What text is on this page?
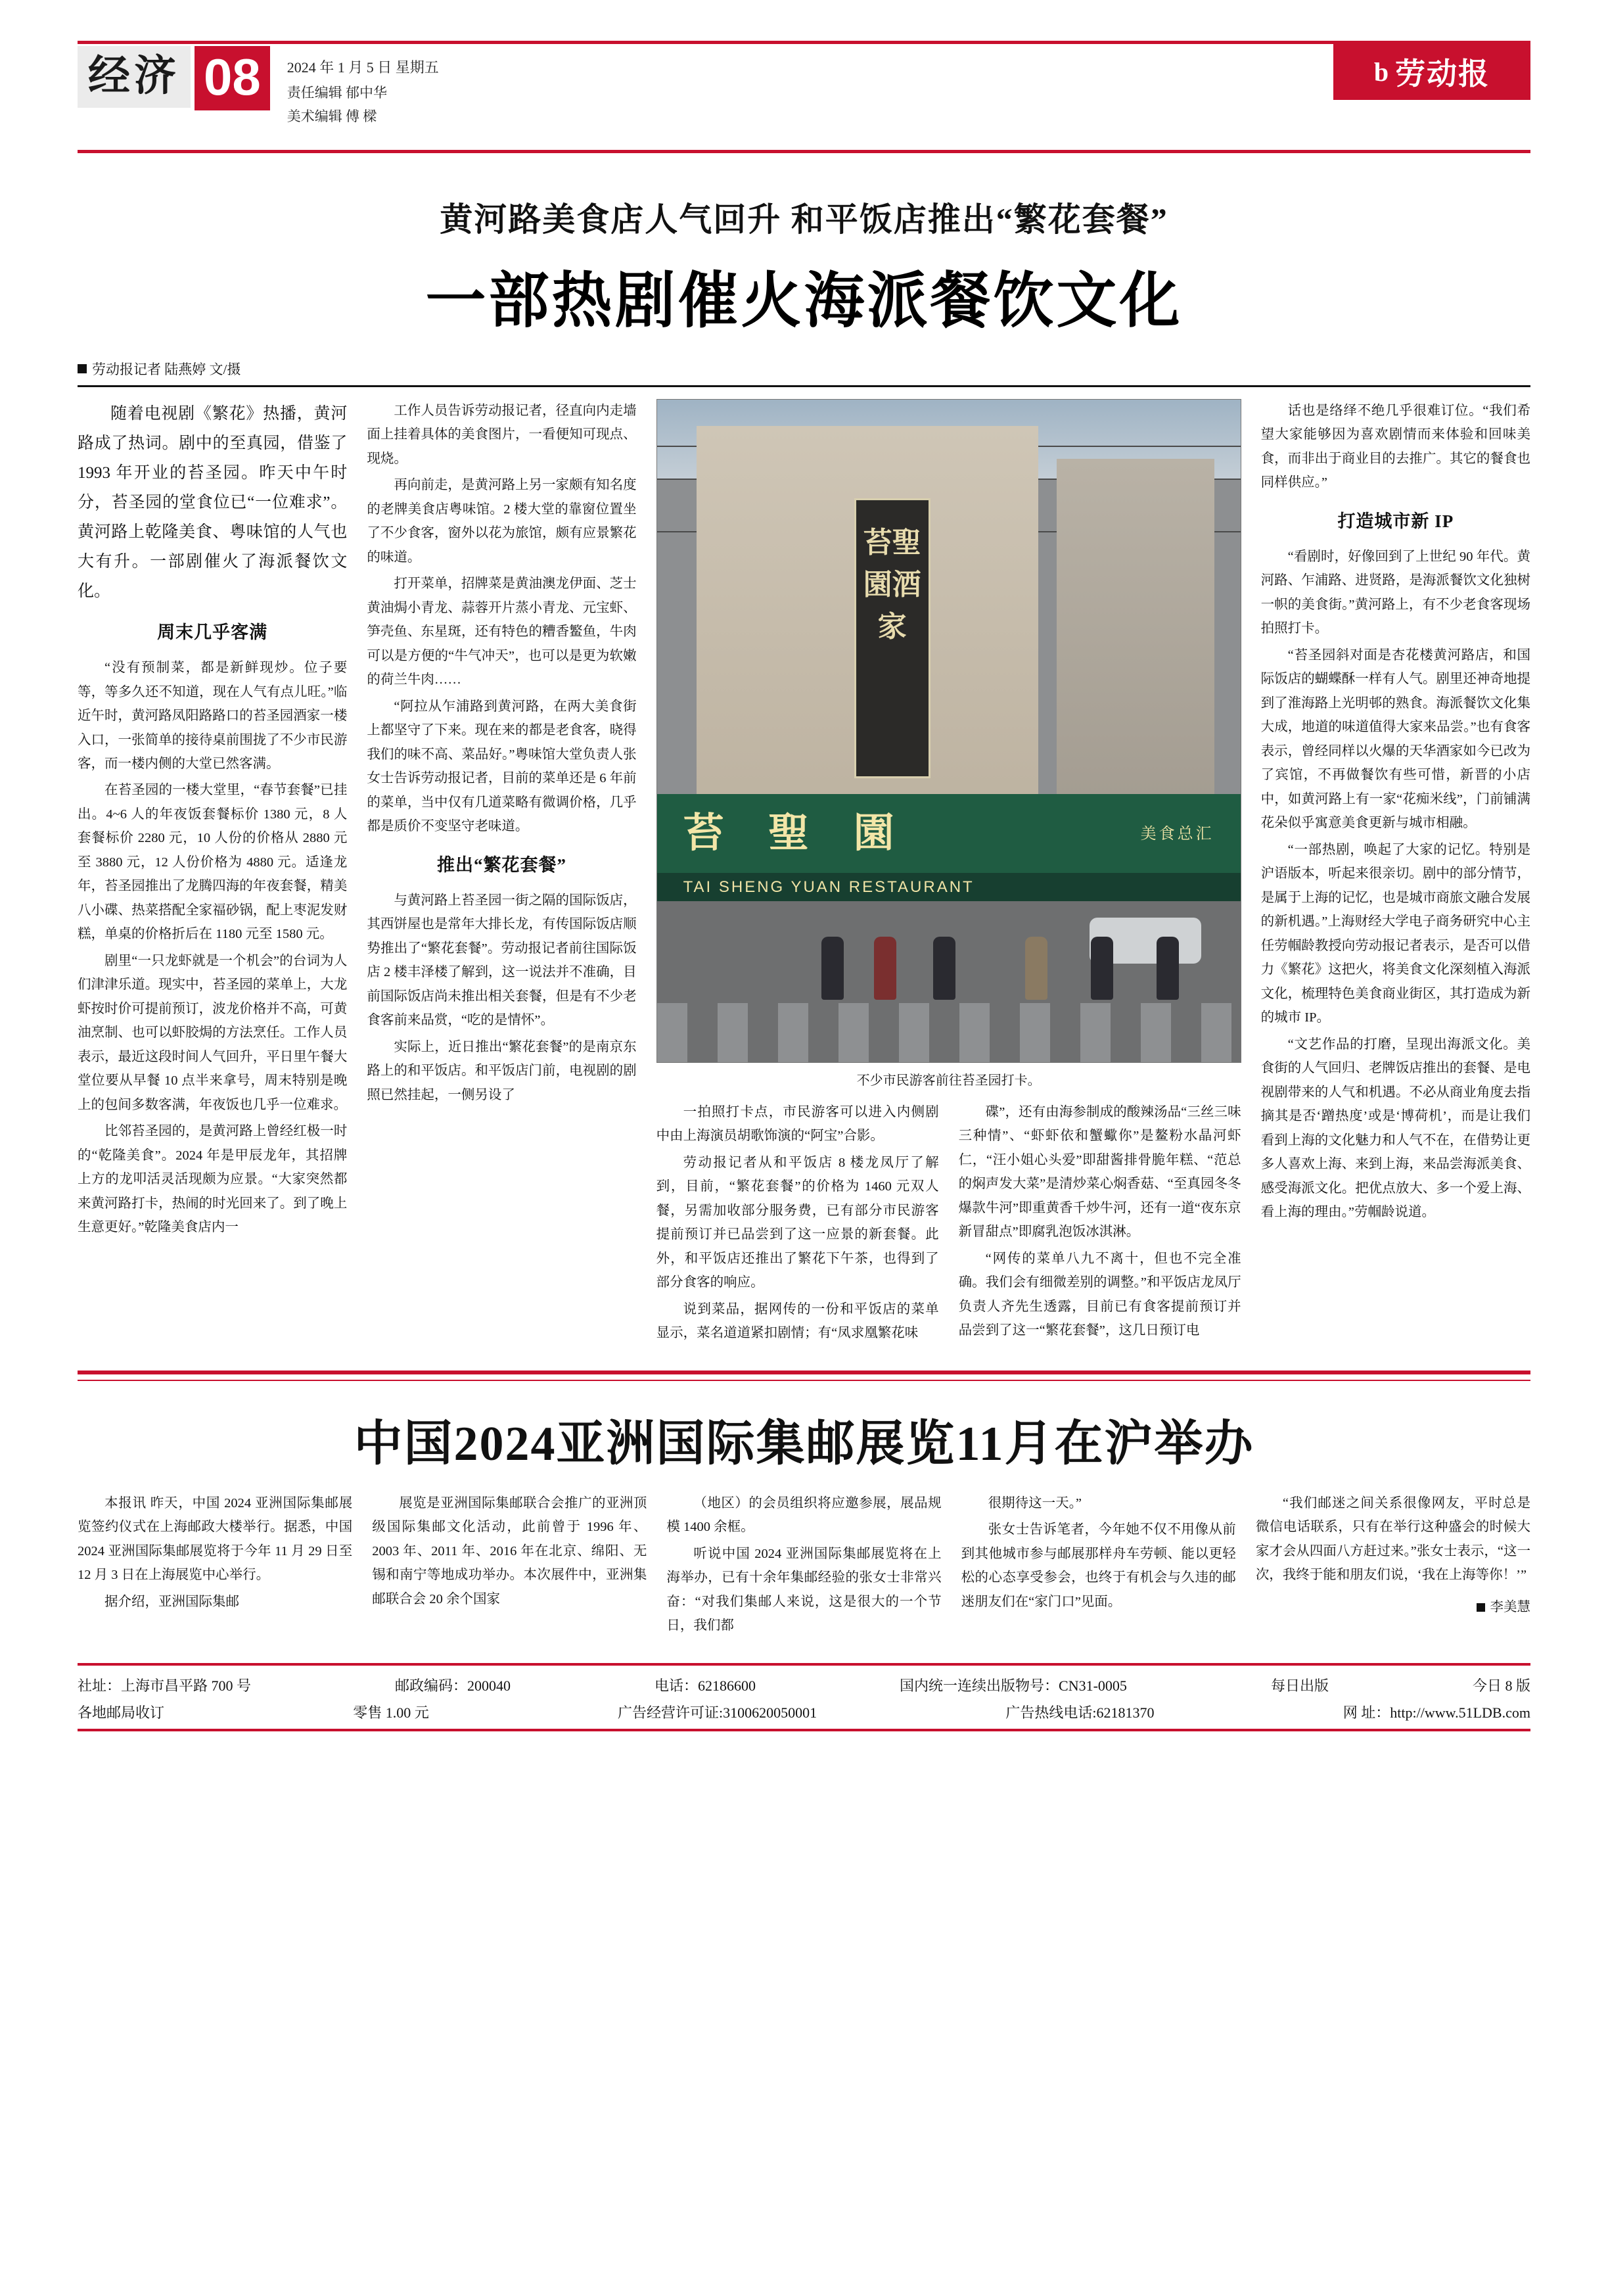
经济 08	2024 年 1 月 5 日 星期五
责任编辑 郁中华
美术编辑 傅 樑
b 劳动报
黄河路美食店人气回升 和平饭店推出“繁花套餐”
一部热剧催火海派餐饮文化
劳动报记者 陆燕婷 文/摄

随着电视剧《繁花》热播，黄河路成了热词。剧中的至真园，借鉴了 1993 年开业的苔圣园。昨天中午时分，苔圣园的堂食位已“一位难求”。黄河路上乾隆美食、粤味馆的人气也大有升。一部剧催火了海派餐饮文化。

周末几乎客满

“没有预制菜，都是新鲜现炒。位子要等，等多久还不知道，现在人气有点儿旺。”临近午时，黄河路凤阳路路口的苔圣园酒家一楼入口，一张简单的接待桌前围拢了不少市民游客，而一楼内侧的大堂已然客满。

在苔圣园的一楼大堂里，“春节套餐”已挂出。4~6 人的年夜饭套餐标价 1380 元，8 人套餐标价 2280 元，10 人份的价格从 2880 元至 3880 元，12 人份价格为 4880 元。适逢龙年，苔圣园推出了龙腾四海的年夜套餐，精美八小碟、热菜搭配全家福砂锅，配上枣泥发财糕，单桌的价格折后在 1180 元至 1580 元。

剧里“一只龙虾就是一个机会”的台词为人们津津乐道。现实中，苔圣园的菜单上，大龙虾按时价可提前预订，波龙价格并不高，可黄油烹制、也可以虾胶焗的方法烹任。工作人员表示，最近这段时间人气回升，平日里午餐大堂位要从早餐 10 点半来拿号，周末特别是晚上的包间多数客满，年夜饭也几乎一位难求。

比邻苔圣园的，是黄河路上曾经红极一时的“乾隆美食”。2024 年是甲辰龙年，其招牌上方的龙叩活灵活现颇为应景。“大家突然都来黄河路打卡，热闹的时光回来了。到了晚上生意更好。”乾隆美食店内一

工作人员告诉劳动报记者，径直向内走墙面上挂着具体的美食图片，一看便知可现点、现烧。

再向前走，是黄河路上另一家颇有知名度的老牌美食店粤味馆。2 楼大堂的靠窗位置坐了不少食客，窗外以花为旅馆，颇有应景繁花的味道。

打开菜单，招牌菜是黄油澳龙伊面、芝士黄油焗小青龙、蒜蓉开片蒸小青龙、元宝虾、笋壳鱼、东星斑，还有特色的糟香鳘鱼，牛肉可以是方便的“牛气冲天”，也可以是更为软嫩的荷兰牛肉……

“阿拉从乍浦路到黄河路，在两大美食街上都坚守了下来。现在来的都是老食客，晓得我们的味不高、菜品好。”粤味馆大堂负责人张女士告诉劳动报记者，目前的菜单还是 6 年前的菜单，当中仅有几道菜略有微调价格，几乎都是质价不变坚守老味道。

推出“繁花套餐”

与黄河路上苔圣园一街之隔的国际饭店，其西饼屋也是常年大排长龙，有传国际饭店顺势推出了“繁花套餐”。劳动报记者前往国际饭店 2 楼丰泽楼了解到，这一说法并不准确，目前国际饭店尚未推出相关套餐，但是有不少老食客前来品赏，“吃的是情怀”。

实际上，近日推出“繁花套餐”的是南京东路上的和平饭店。和平饭店门前，电视剧的剧照已然挂起，一侧另设了

苔聖園酒家
苔 聖 園	美食总汇
TAI SHENG YUAN RESTAURANT
不少市民游客前往苔圣园打卡。

一拍照打卡点，市民游客可以进入内侧剧中由上海演员胡歌饰演的“阿宝”合影。

劳动报记者从和平饭店 8 楼龙凤厅了解到，目前，“繁花套餐”的价格为 1460 元双人餐，另需加收部分服务费，已有部分市民游客提前预订并已品尝到了这一应景的新套餐。此外，和平饭店还推出了繁花下午茶，也得到了部分食客的响应。

说到菜品，据网传的一份和平饭店的菜单显示，菜名道道紧扣剧情；有“凤求凰繁花味

碟”，还有由海参制成的酸辣汤品“三丝三味三种情”、“虾虾依和蟹蠍你”是鳌粉水晶河虾仁，“汪小姐心头爱”即甜酱排骨脆年糕、“范总的焖声发大菜”是清炒菜心焖香菇、“至真园冬冬爆款牛河”即重黄香千炒牛河，还有一道“夜东京新冒甜点”即腐乳泡饭冰淇淋。

“网传的菜单八九不离十，但也不完全准确。我们会有细微差别的调整。”和平饭店龙凤厅负责人齐先生透露，目前已有食客提前预订并品尝到了这一“繁花套餐”，这几日预订电

话也是络绎不绝几乎很难订位。“我们希望大家能够因为喜欢剧情而来体验和回味美食，而非出于商业目的去推广。其它的餐食也同样供应。”

打造城市新 IP

“看剧时，好像回到了上世纪 90 年代。黄河路、乍浦路、进贤路，是海派餐饮文化独树一帜的美食街。”黄河路上，有不少老食客现场拍照打卡。

“苔圣园斜对面是杏花楼黄河路店，和国际饭店的蝴蝶酥一样有人气。剧里还神奇地提到了淮海路上光明邨的熟食。海派餐饮文化集大成，地道的味道值得大家来品尝。”也有食客表示，曾经同样以火爆的天华酒家如今已改为了宾馆，不再做餐饮有些可惜，新晋的小店中，如黄河路上有一家“花痴米线”，门前铺满花朵似乎寓意美食更新与城市相融。

“一部热剧，唤起了大家的记忆。特别是沪语版本，听起来很亲切。剧中的部分情节，是属于上海的记忆，也是城市商旅文融合发展的新机遇。”上海财经大学电子商务研究中心主任劳帼龄教授向劳动报记者表示，是否可以借力《繁花》这把火，将美食文化深刻植入海派文化，梳理特色美食商业街区，其打造成为新的城市 IP。

“文艺作品的打磨，呈现出海派文化。美食街的人气回归、老牌饭店推出的套餐、是电视剧带来的人气和机遇。不必从商业角度去指摘其是否‘蹭热度’或是‘博荷机’，而是让我们看到上海的文化魅力和人气不在，在借势让更多人喜欢上海、来到上海，来品尝海派美食、感受海派文化。把优点放大、多一个爱上海、看上海的理由。”劳帼龄说道。

中国2024亚洲国际集邮展览11月在沪举办

本报讯 昨天，中国 2024 亚洲国际集邮展览签约仪式在上海邮政大楼举行。据悉，中国 2024 亚洲国际集邮展览将于今年 11 月 29 日至 12 月 3 日在上海展览中心举行。

据介绍，亚洲国际集邮

展览是亚洲国际集邮联合会推广的亚洲顶级国际集邮文化活动，此前曾于 1996 年、2003 年、2011 年、2016 年在北京、绵阳、无锡和南宁等地成功举办。本次展件中，亚洲集邮联合会 20 余个国家

（地区）的会员组织将应邀参展，展品规模 1400 余框。

听说中国 2024 亚洲国际集邮展览将在上海举办，已有十余年集邮经验的张女士非常兴奋：“对我们集邮人来说，这是很大的一个节日，我们都

很期待这一天。”

张女士告诉笔者，今年她不仅不用像从前到其他城市参与邮展那样舟车劳顿、能以更轻松的心态享受参会，也终于有机会与久违的邮迷朋友们在“家门口”见面。

“我们邮迷之间关系很像网友，平时总是微信电话联系，只有在举行这种盛会的时候大家才会从四面八方赶过来。”张女士表示，“这一次，我终于能和朋友们说，‘我在上海等你！’”

李美慧
社址：上海市昌平路 700 号	邮政编码：200040	电话：62186600	国内统一连续出版物号：CN31-0005	每日出版	今日 8 版
各地邮局收订	零售 1.00 元	广告经营许可证:3100620050001	广告热线电话:62181370	网 址：http://www.51LDB.com
